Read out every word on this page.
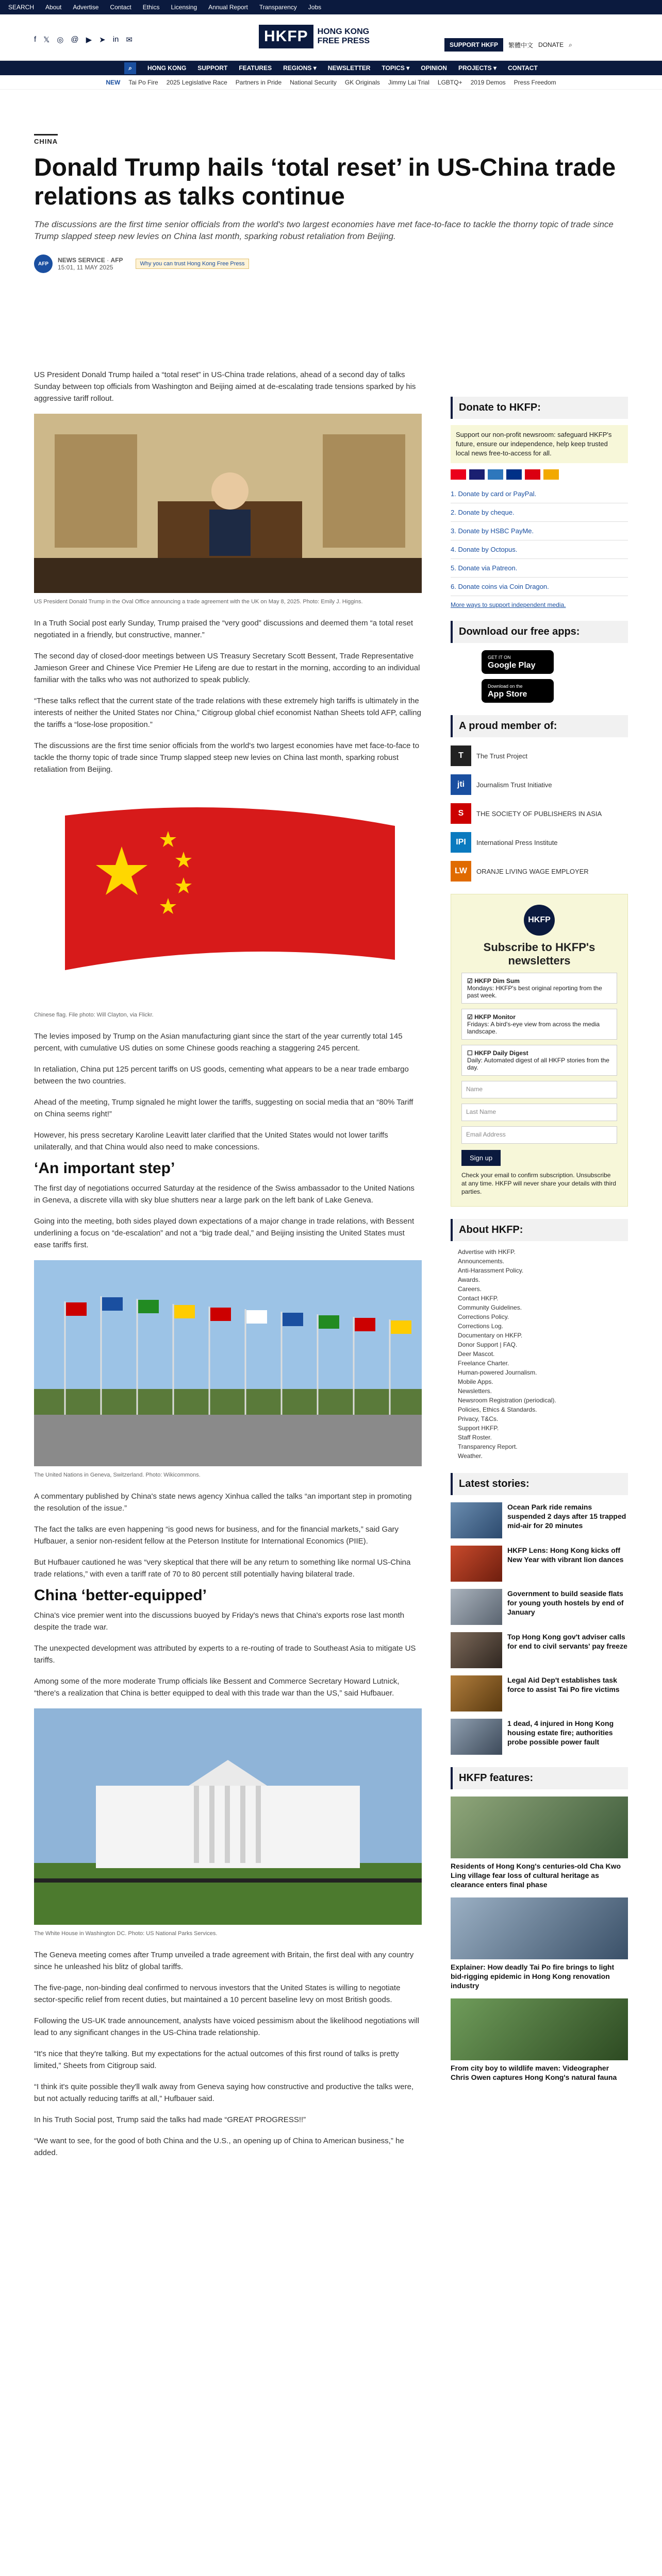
SEARCH About Advertise Contact Ethics Licensing Annual Report Transparency Jobs
f 𝕏 ◎ @ ▶ ➤ in ✉	HKFP	HONG KONG
FREE PRESS	SUPPORT HKFP	繁體中文 DONATE ⌕
⌕	HONG KONG SUPPORT FEATURES REGIONS ▾ NEWSLETTER TOPICS ▾ OPINION PROJECTS ▾ CONTACT
NEW Tai Po Fire 2025 Legislative Race Partners in Pride National Security GK Originals Jimmy Lai Trial LGBTQ+ 2019 Demos Press Freedom
CHINA
Donald Trump hails ‘total reset’ in US-China trade relations as talks continue

The discussions are the first time senior officials from the world's two largest economies have met face-to-face to tackle the thorny topic of trade since Trump slapped steep new levies on China last month, sparking robust retaliation from Beijing.

AFP	NEWS SERVICE · AFP
15:01, 11 MAY 2025	Why you can trust Hong Kong Free Press

US President Donald Trump hailed a “total reset” in US-China trade relations, ahead of a second day of talks Sunday between top officials from Washington and Beijing aimed at de-escalating trade tensions sparked by his aggressive tariff rollout.

US President Donald Trump in the Oval Office announcing a trade agreement with the UK on May 8, 2025. Photo: Emily J. Higgins.

In a Truth Social post early Sunday, Trump praised the “very good” discussions and deemed them “a total reset negotiated in a friendly, but constructive, manner.”

The second day of closed-door meetings between US Treasury Secretary Scott Bessent, Trade Representative Jamieson Greer and Chinese Vice Premier He Lifeng are due to restart in the morning, according to an individual familiar with the talks who was not authorized to speak publicly.

“These talks reflect that the current state of the trade relations with these extremely high tariffs is ultimately in the interests of neither the United States nor China,” Citigroup global chief economist Nathan Sheets told AFP, calling the tariffs a “lose-lose proposition.”

The discussions are the first time senior officials from the world's two largest economies have met face-to-face to tackle the thorny topic of trade since Trump slapped steep new levies on China last month, sparking robust retaliation from Beijing.

Chinese flag. File photo: Will Clayton, via Flickr.

The levies imposed by Trump on the Asian manufacturing giant since the start of the year currently total 145 percent, with cumulative US duties on some Chinese goods reaching a staggering 245 percent.

In retaliation, China put 125 percent tariffs on US goods, cementing what appears to be a near trade embargo between the two countries.

Ahead of the meeting, Trump signaled he might lower the tariffs, suggesting on social media that an “80% Tariff on China seems right!”

However, his press secretary Karoline Leavitt later clarified that the United States would not lower tariffs unilaterally, and that China would also need to make concessions.

‘An important step’

The first day of negotiations occurred Saturday at the residence of the Swiss ambassador to the United Nations in Geneva, a discrete villa with sky blue shutters near a large park on the left bank of Lake Geneva.

Going into the meeting, both sides played down expectations of a major change in trade relations, with Bessent underlining a focus on “de-escalation” and not a “big trade deal,” and Beijing insisting the United States must ease tariffs first.

The United Nations in Geneva, Switzerland. Photo: Wikicommons.

A commentary published by China's state news agency Xinhua called the talks “an important step in promoting the resolution of the issue.”

The fact the talks are even happening “is good news for business, and for the financial markets,” said Gary Hufbauer, a senior non-resident fellow at the Peterson Institute for International Economics (PIIE).

But Hufbauer cautioned he was “very skeptical that there will be any return to something like normal US-China trade relations,” with even a tariff rate of 70 to 80 percent still potentially having bilateral trade.

China ‘better-equipped’

China's vice premier went into the discussions buoyed by Friday's news that China's exports rose last month despite the trade war.

The unexpected development was attributed by experts to a re-routing of trade to Southeast Asia to mitigate US tariffs.

Among some of the more moderate Trump officials like Bessent and Commerce Secretary Howard Lutnick, “there's a realization that China is better equipped to deal with this trade war than the US,” said Hufbauer.

The White House in Washington DC. Photo: US National Parks Services.

The Geneva meeting comes after Trump unveiled a trade agreement with Britain, the first deal with any country since he unleashed his blitz of global tariffs.

The five-page, non-binding deal confirmed to nervous investors that the United States is willing to negotiate sector-specific relief from recent duties, but maintained a 10 percent baseline levy on most British goods.

Following the US-UK trade announcement, analysts have voiced pessimism about the likelihood negotiations will lead to any significant changes in the US-China trade relationship.

“It's nice that they're talking. But my expectations for the actual outcomes of this first round of talks is pretty limited,” Sheets from Citigroup said.

“I think it's quite possible they'll walk away from Geneva saying how constructive and productive the talks were, but not actually reducing tariffs at all,” Hufbauer said.

In his Truth Social post, Trump said the talks had made “GREAT PROGRESS!!”

“We want to see, for the good of both China and the U.S., an opening up of China to American business,” he added.

Donate to HKFP:

Support our non-profit newsroom: safeguard HKFP's future, ensure our independence, help keep trusted local news free-to-access for all.

1. Donate by card or PayPal.
2. Donate by cheque.
3. Donate by HSBC PayMe.
4. Donate by Octopus.
5. Donate via Patreon.
6. Donate coins via Coin Dragon.

More ways to support independent media.

Download our free apps:
GET IT ON
Google Play
Download on the
App Store
A proud member of:
T	The Trust Project
jti	Journalism Trust Initiative
S	THE SOCIETY OF PUBLISHERS IN ASIA
IPI	International Press Institute
LW	ORANJE LIVING WAGE EMPLOYER
HKFP
Subscribe to HKFP's newsletters
☑ HKFP Dim Sum
Mondays: HKFP's best original reporting from the past week.
☑ HKFP Monitor
Fridays: A bird's-eye view from across the media landscape.
☐ HKFP Daily Digest
Daily: Automated digest of all HKFP stories from the day.
Name
Last Name
Email Address
Sign up

Check your email to confirm subscription. Unsubscribe at any time. HKFP will never share your details with third parties.

About HKFP:
Advertise with HKFP.
Announcements.
Anti-Harassment Policy.
Awards.
Careers.
Contact HKFP.
Community Guidelines.
Corrections Policy.
Corrections Log.
Documentary on HKFP.
Donor Support | FAQ.
Deer Mascot.
Freelance Charter.
Human-powered Journalism.
Mobile Apps.
Newsletters.
Newsroom Registration (periodical).
Policies, Ethics & Standards.
Privacy, T&Cs.
Support HKFP.
Staff Roster.
Transparency Report.
Weather.
Latest stories:
Ocean Park ride remains suspended 2 days after 15 trapped mid-air for 20 minutes
HKFP Lens: Hong Kong kicks off New Year with vibrant lion dances
Government to build seaside flats for young youth hostels by end of January
Top Hong Kong gov't adviser calls for end to civil servants' pay freeze
Legal Aid Dep't establishes task force to assist Tai Po fire victims
1 dead, 4 injured in Hong Kong housing estate fire; authorities probe possible power fault
HKFP features:
Residents of Hong Kong's centuries-old Cha Kwo Ling village fear loss of cultural heritage as clearance enters final phase
Explainer: How deadly Tai Po fire brings to light bid-rigging epidemic in Hong Kong renovation industry
From city boy to wildlife maven: Videographer Chris Owen captures Hong Kong's natural fauna
